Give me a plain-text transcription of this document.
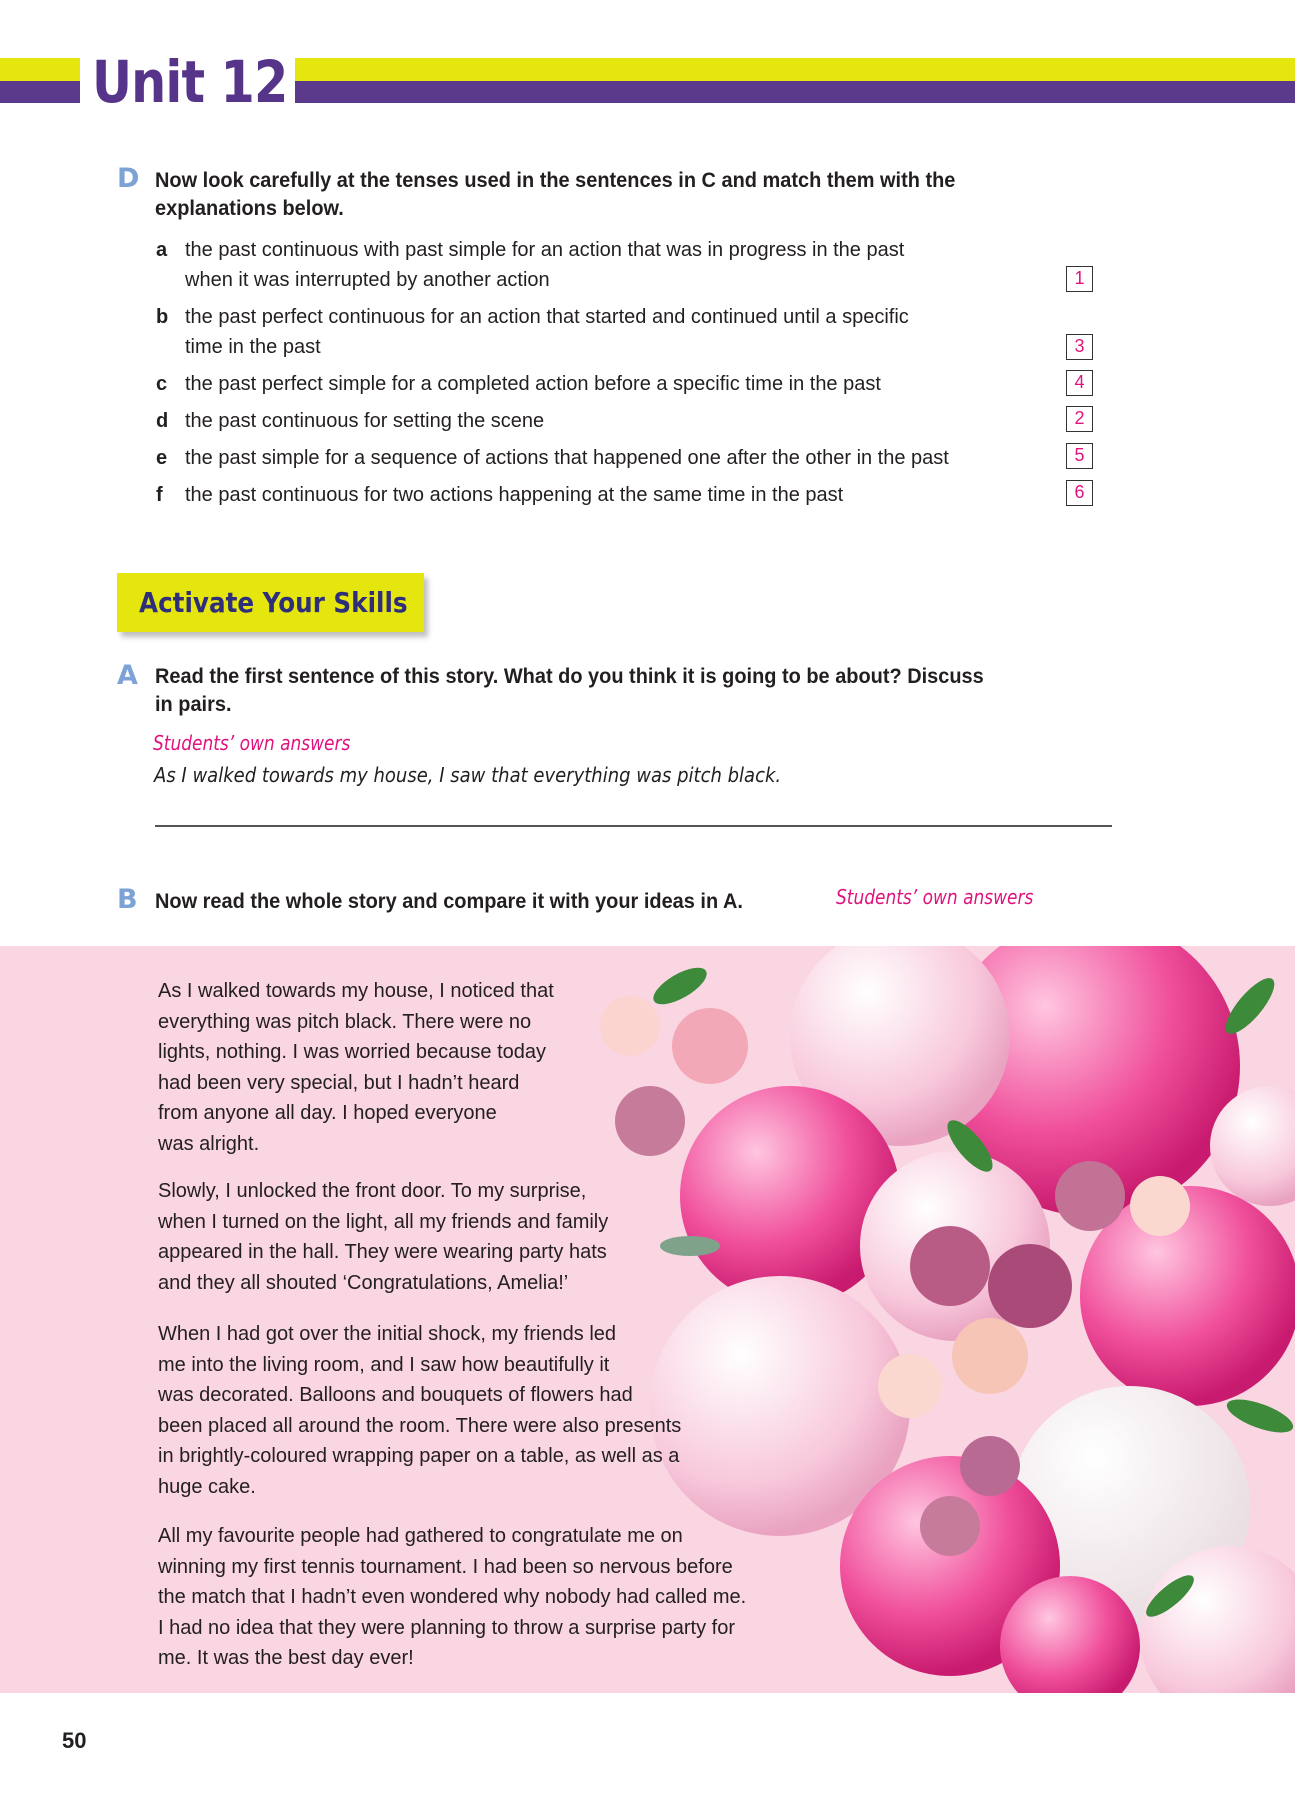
Unit 12
D Now look carefully at the tenses used in the sentences in C and match them with the
explanations below.
a the past continuous with past simple for an action that was in progress in the past
when it was interrupted by another action	1
b the past perfect continuous for an action that started and continued until a specific
time in the past	3
c the past perfect simple for a completed action before a specific time in the past	4
d the past continuous for setting the scene	2
e the past simple for a sequence of actions that happened one after the other in the past	5
f the past continuous for two actions happening at the same time in the past	6
Activate Your Skills
A Read the first sentence of this story. What do you think it is going to be about? Discuss
in pairs.
Students’ own answers
As I walked towards my house, I saw that everything was pitch black.
B Now read the whole story and compare it with your ideas in A.	Students’ own answers

As I walked towards my house, I noticed that
everything was pitch black. There were no
lights, nothing. I was worried because today
had been very special, but I hadn’t heard
from anyone all day. I hoped everyone
was alright.

Slowly, I unlocked the front door. To my surprise,
when I turned on the light, all my friends and family
appeared in the hall. They were wearing party hats
and they all shouted ‘Congratulations, Amelia!’

When I had got over the initial shock, my friends led
me into the living room, and I saw how beautifully it
was decorated. Balloons and bouquets of flowers had
been placed all around the room. There were also presents
in brightly-coloured wrapping paper on a table, as well as a
huge cake.

All my favourite people had gathered to congratulate me on
winning my first tennis tournament. I had been so nervous before
the match that I hadn’t even wondered why nobody had called me.
I had no idea that they were planning to throw a surprise party for
me. It was the best day ever!

50
